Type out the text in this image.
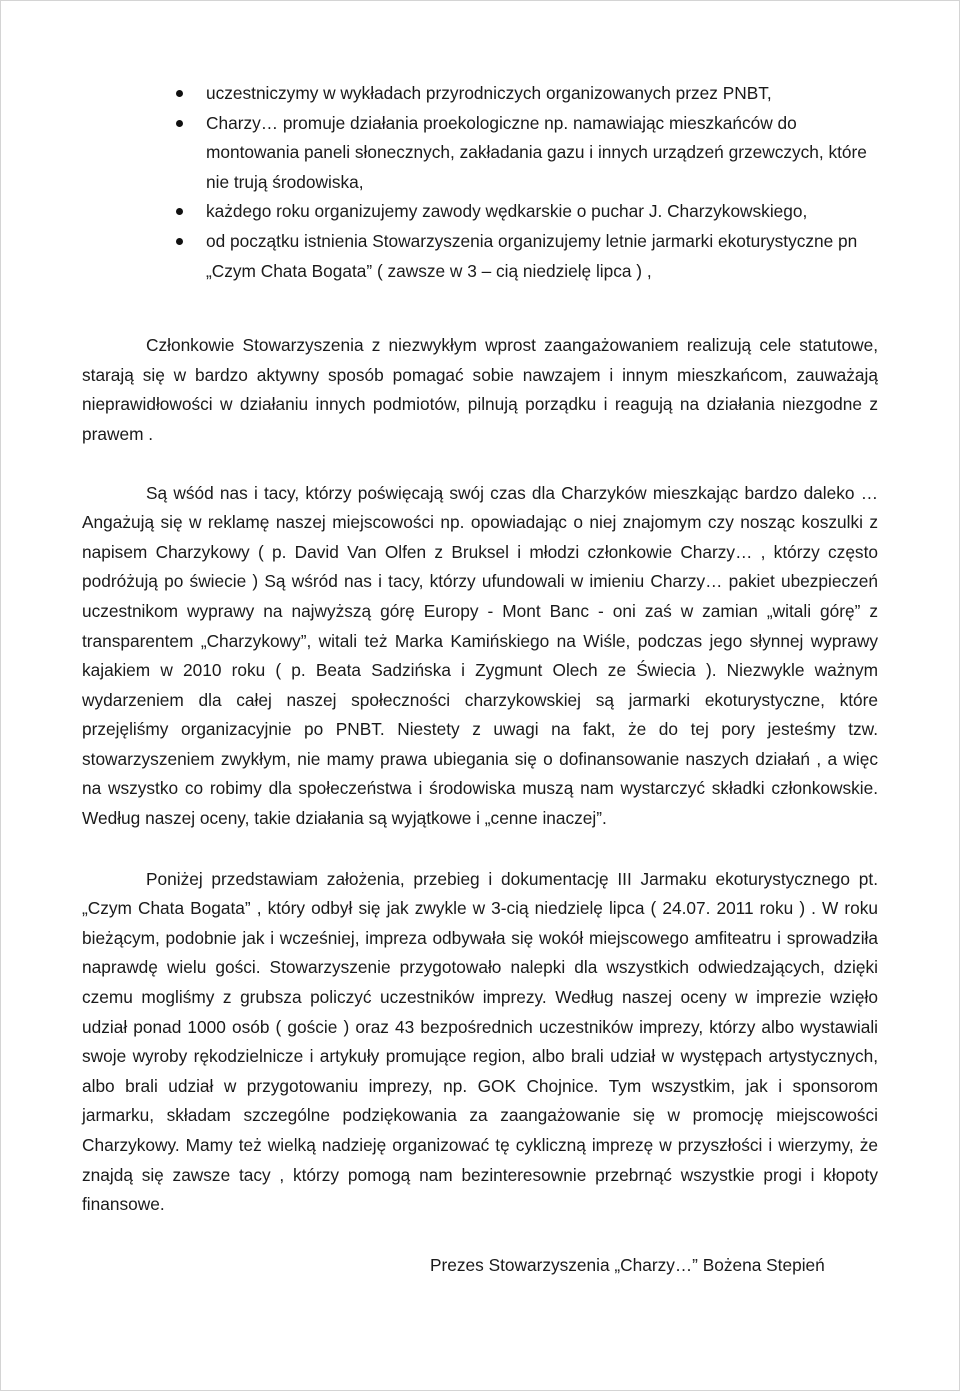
uczestniczymy w wykładach przyrodniczych organizowanych przez PNBT,
Charzy… promuje działania proekologiczne np. namawiając mieszkańców do montowania paneli słonecznych, zakładania gazu i innych urządzeń grzewczych, które nie trują środowiska,
każdego roku organizujemy zawody wędkarskie o puchar J. Charzykowskiego,
od początku istnienia Stowarzyszenia organizujemy letnie jarmarki ekoturystyczne pn „Czym Chata Bogata” ( zawsze w 3 – cią niedzielę lipca ) ,

Członkowie Stowarzyszenia z niezwykłym wprost zaangażowaniem realizują cele statutowe, starają się w bardzo aktywny sposób pomagać sobie nawzajem i innym mieszkańcom, zauważają nieprawidłowości w działaniu innych podmiotów, pilnują porządku i reagują na działania niezgodne z prawem .

Są wśód nas i tacy, którzy poświęcają swój czas dla Charzyków mieszkając bardzo daleko … Angażują się w reklamę naszej miejscowości np. opowiadając o niej znajomym czy nosząc koszulki z napisem Charzykowy ( p. David Van Olfen z Bruksel i młodzi członkowie Charzy… , którzy często podróżują po świecie ) Są wśród nas i tacy, którzy ufundowali w imieniu Charzy… pakiet ubezpieczeń uczestnikom wyprawy na najwyższą górę Europy - Mont Banc - oni zaś w zamian „witali górę” z transparentem „Charzykowy”, witali też Marka Kamińskiego na Wiśle, podczas jego słynnej wyprawy kajakiem w 2010 roku ( p. Beata Sadzińska i Zygmunt Olech ze Świecia ). Niezwykle ważnym wydarzeniem dla całej naszej społeczności charzykowskiej są jarmarki ekoturystyczne, które przejęliśmy organizacyjnie po PNBT. Niestety z uwagi na fakt, że do tej pory jesteśmy tzw. stowarzyszeniem zwykłym, nie mamy prawa ubiegania się o dofinansowanie naszych działań , a więc na wszystko co robimy dla społeczeństwa i środowiska muszą nam wystarczyć składki członkowskie. Według naszej oceny, takie działania są wyjątkowe i „cenne inaczej”.

Poniżej przedstawiam założenia, przebieg i dokumentację III Jarmaku ekoturystycznego pt. „Czym Chata Bogata” , który odbył się jak zwykle w 3-cią niedzielę lipca ( 24.07. 2011 roku ) . W roku bieżącym, podobnie jak i wcześniej, impreza odbywała się wokół miejscowego amfiteatru i sprowadziła naprawdę wielu gości. Stowarzyszenie przygotowało nalepki dla wszystkich odwiedzających, dzięki czemu mogliśmy z grubsza policzyć uczestników imprezy. Według naszej oceny w imprezie wzięło udział ponad 1000 osób ( goście ) oraz 43 bezpośrednich uczestników imprezy, którzy albo wystawiali swoje wyroby rękodzielnicze i artykuły promujące region, albo brali udział w występach artystycznych, albo brali udział w przygotowaniu imprezy, np. GOK Chojnice. Tym wszystkim, jak i sponsorom jarmarku, składam szczególne podziękowania za zaangażowanie się w promocję miejscowości Charzykowy. Mamy też wielką nadzieję organizować tę cykliczną imprezę w przyszłości i wierzymy, że znajdą się zawsze tacy , którzy pomogą nam bezinteresownie przebrnąć wszystkie progi i kłopoty finansowe.

Prezes Stowarzyszenia „Charzy…” Bożena Stepień
